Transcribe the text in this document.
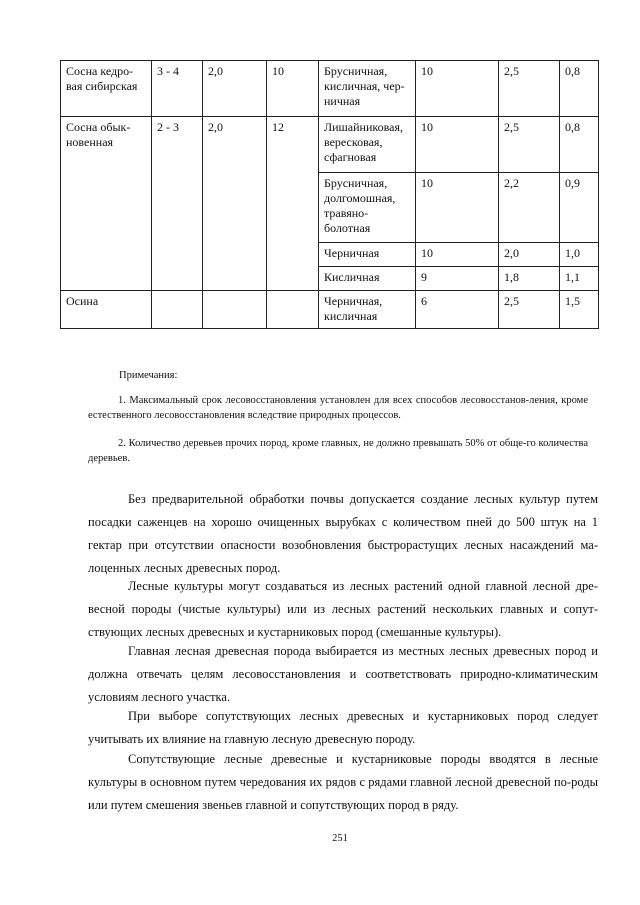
Сосна кедро-вая сибирская	3 - 4	2,0	10	Брусничная, кисличная, чер-ничная	10	2,5	0,8
Сосна обык-новенная	2 - 3	2,0	12	Лишайниковая, вересковая, сфагновая	10	2,5	0,8
				Брусничная, долгомошная, травяно-болотная	10	2,2	0,9
				Черничная	10	2,0	1,0
				Кисличная	9	1,8	1,1
Осина				Черничная, кисличная	6	2,5	1,5

Примечания:

1. Максимальный срок лесовосстановления установлен для всех способов лесовосстанов-ления, кроме естественного лесовосстановления вследствие природных процессов.

2. Количество деревьев прочих пород, кроме главных, не должно превышать 50% от обще-го количества деревьев.

Без предварительной обработки почвы допускается создание лесных культур путем посадки саженцев на хорошо очищенных вырубках с количеством пней до 500 штук на 1 гектар при отсутствии опасности возобновления быстрорастущих лесных насаждений ма-лоценных лесных древесных пород.

Лесные культуры могут создаваться из лесных растений одной главной лесной дре-весной породы (чистые культуры) или из лесных растений нескольких главных и сопут-ствующих лесных древесных и кустарниковых пород (смешанные культуры).

Главная лесная древесная порода выбирается из местных лесных древесных пород и должна отвечать целям лесовосстановления и соответствовать природно-климатическим условиям лесного участка.

При выборе сопутствующих лесных древесных и кустарниковых пород следует учитывать их влияние на главную лесную древесную породу.

Сопутствующие лесные древесные и кустарниковые породы вводятся в лесные культуры в основном путем чередования их рядов с рядами главной лесной древесной по-роды или путем смешения звеньев главной и сопутствующих пород в ряду.

251
